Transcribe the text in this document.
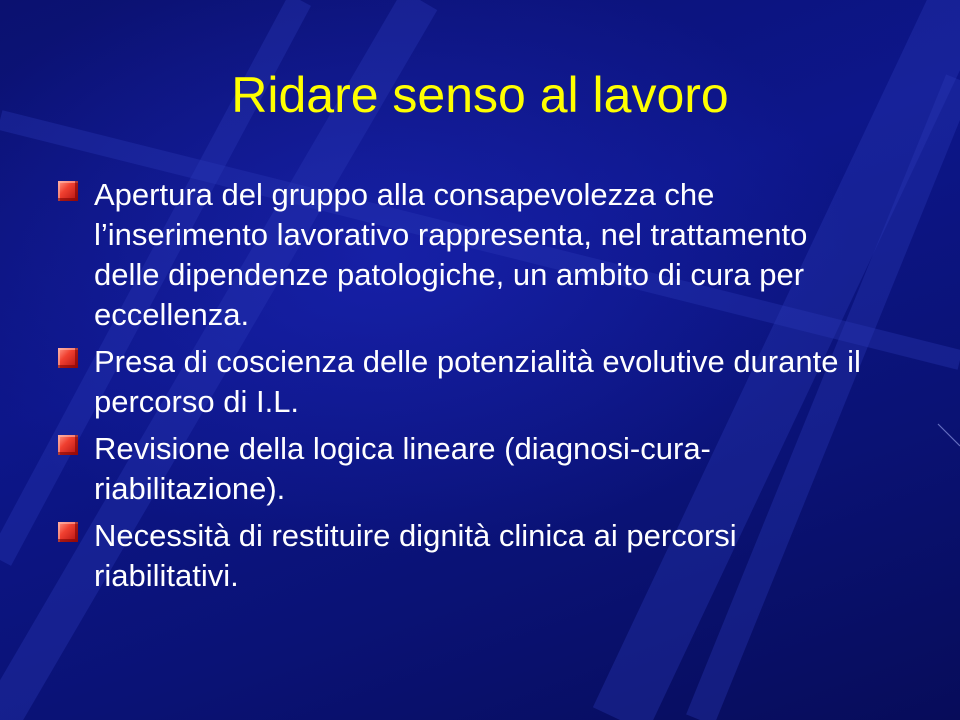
Ridare senso al lavoro
Apertura del gruppo alla consapevolezza che l’inserimento lavorativo rappresenta, nel trattamento delle dipendenze patologiche, un ambito di cura per eccellenza.
Presa di coscienza delle potenzialità evolutive durante il percorso di I.L.
Revisione della logica lineare (diagnosi-cura-riabilitazione).
Necessità di restituire dignità clinica ai percorsi riabilitativi.
